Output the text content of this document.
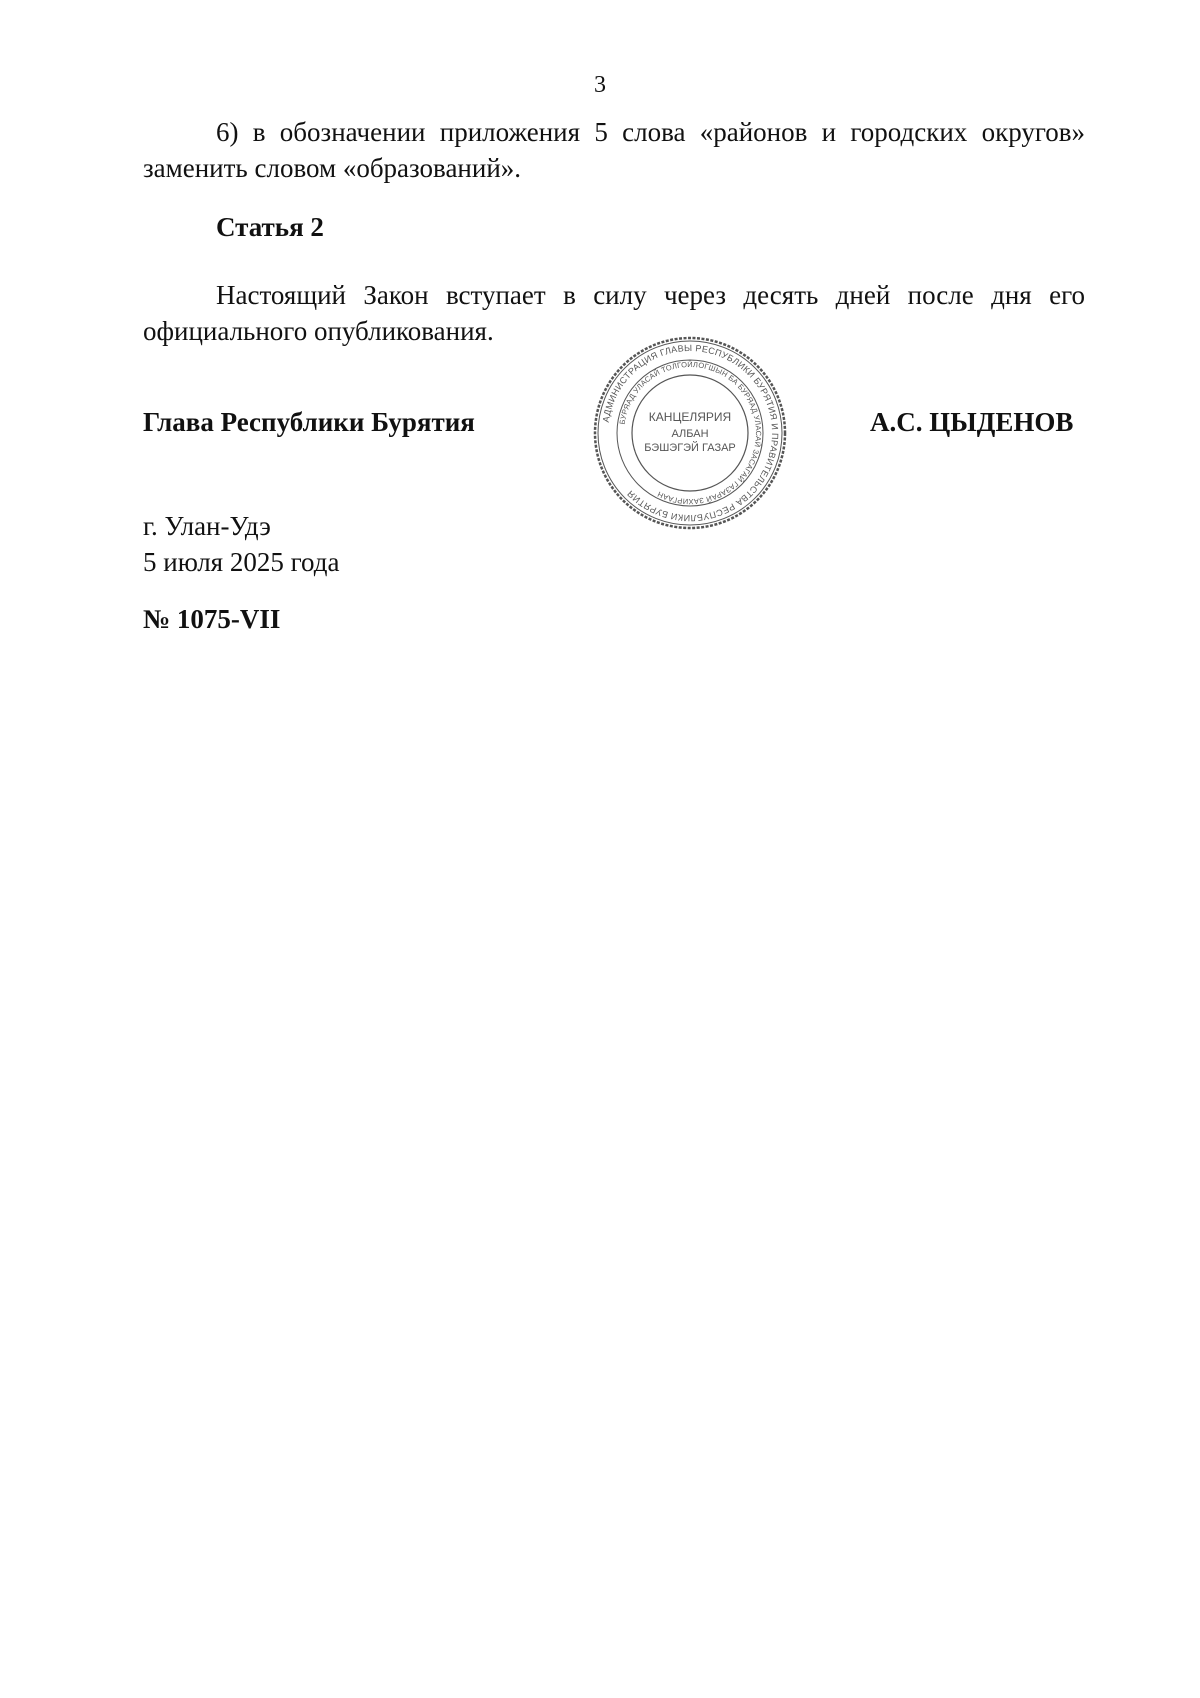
3

6) в обозначении приложения 5 слова «районов и городских округов» заменить словом «образований».

Статья 2

Настоящий Закон вступает в силу через десять дней после дня его официального опубликования.

Глава Республики Бурятия	АДМИНИСТРАЦИЯ ГЛАВЫ РЕСПУБЛИКИ БУРЯТИЯ И ПРАВИТЕЛЬСТВА РЕСПУБЛИКИ БУРЯТИЯ
БУРЯАД УЛАСАЙ ТОЛГОЙЛОГШЫН БА БУРЯАД УЛАСАЙ ЗАСАГАЙ ГАЗАРАЙ ЗАХИРГААН
КАНЦЕЛЯРИЯ
АЛБАН
БЭШЭГЭЙ ГАЗАР
А.С. ЦЫДЕНОВ
г. Улан-Удэ
5 июля 2025 года
№ 1075-VII
